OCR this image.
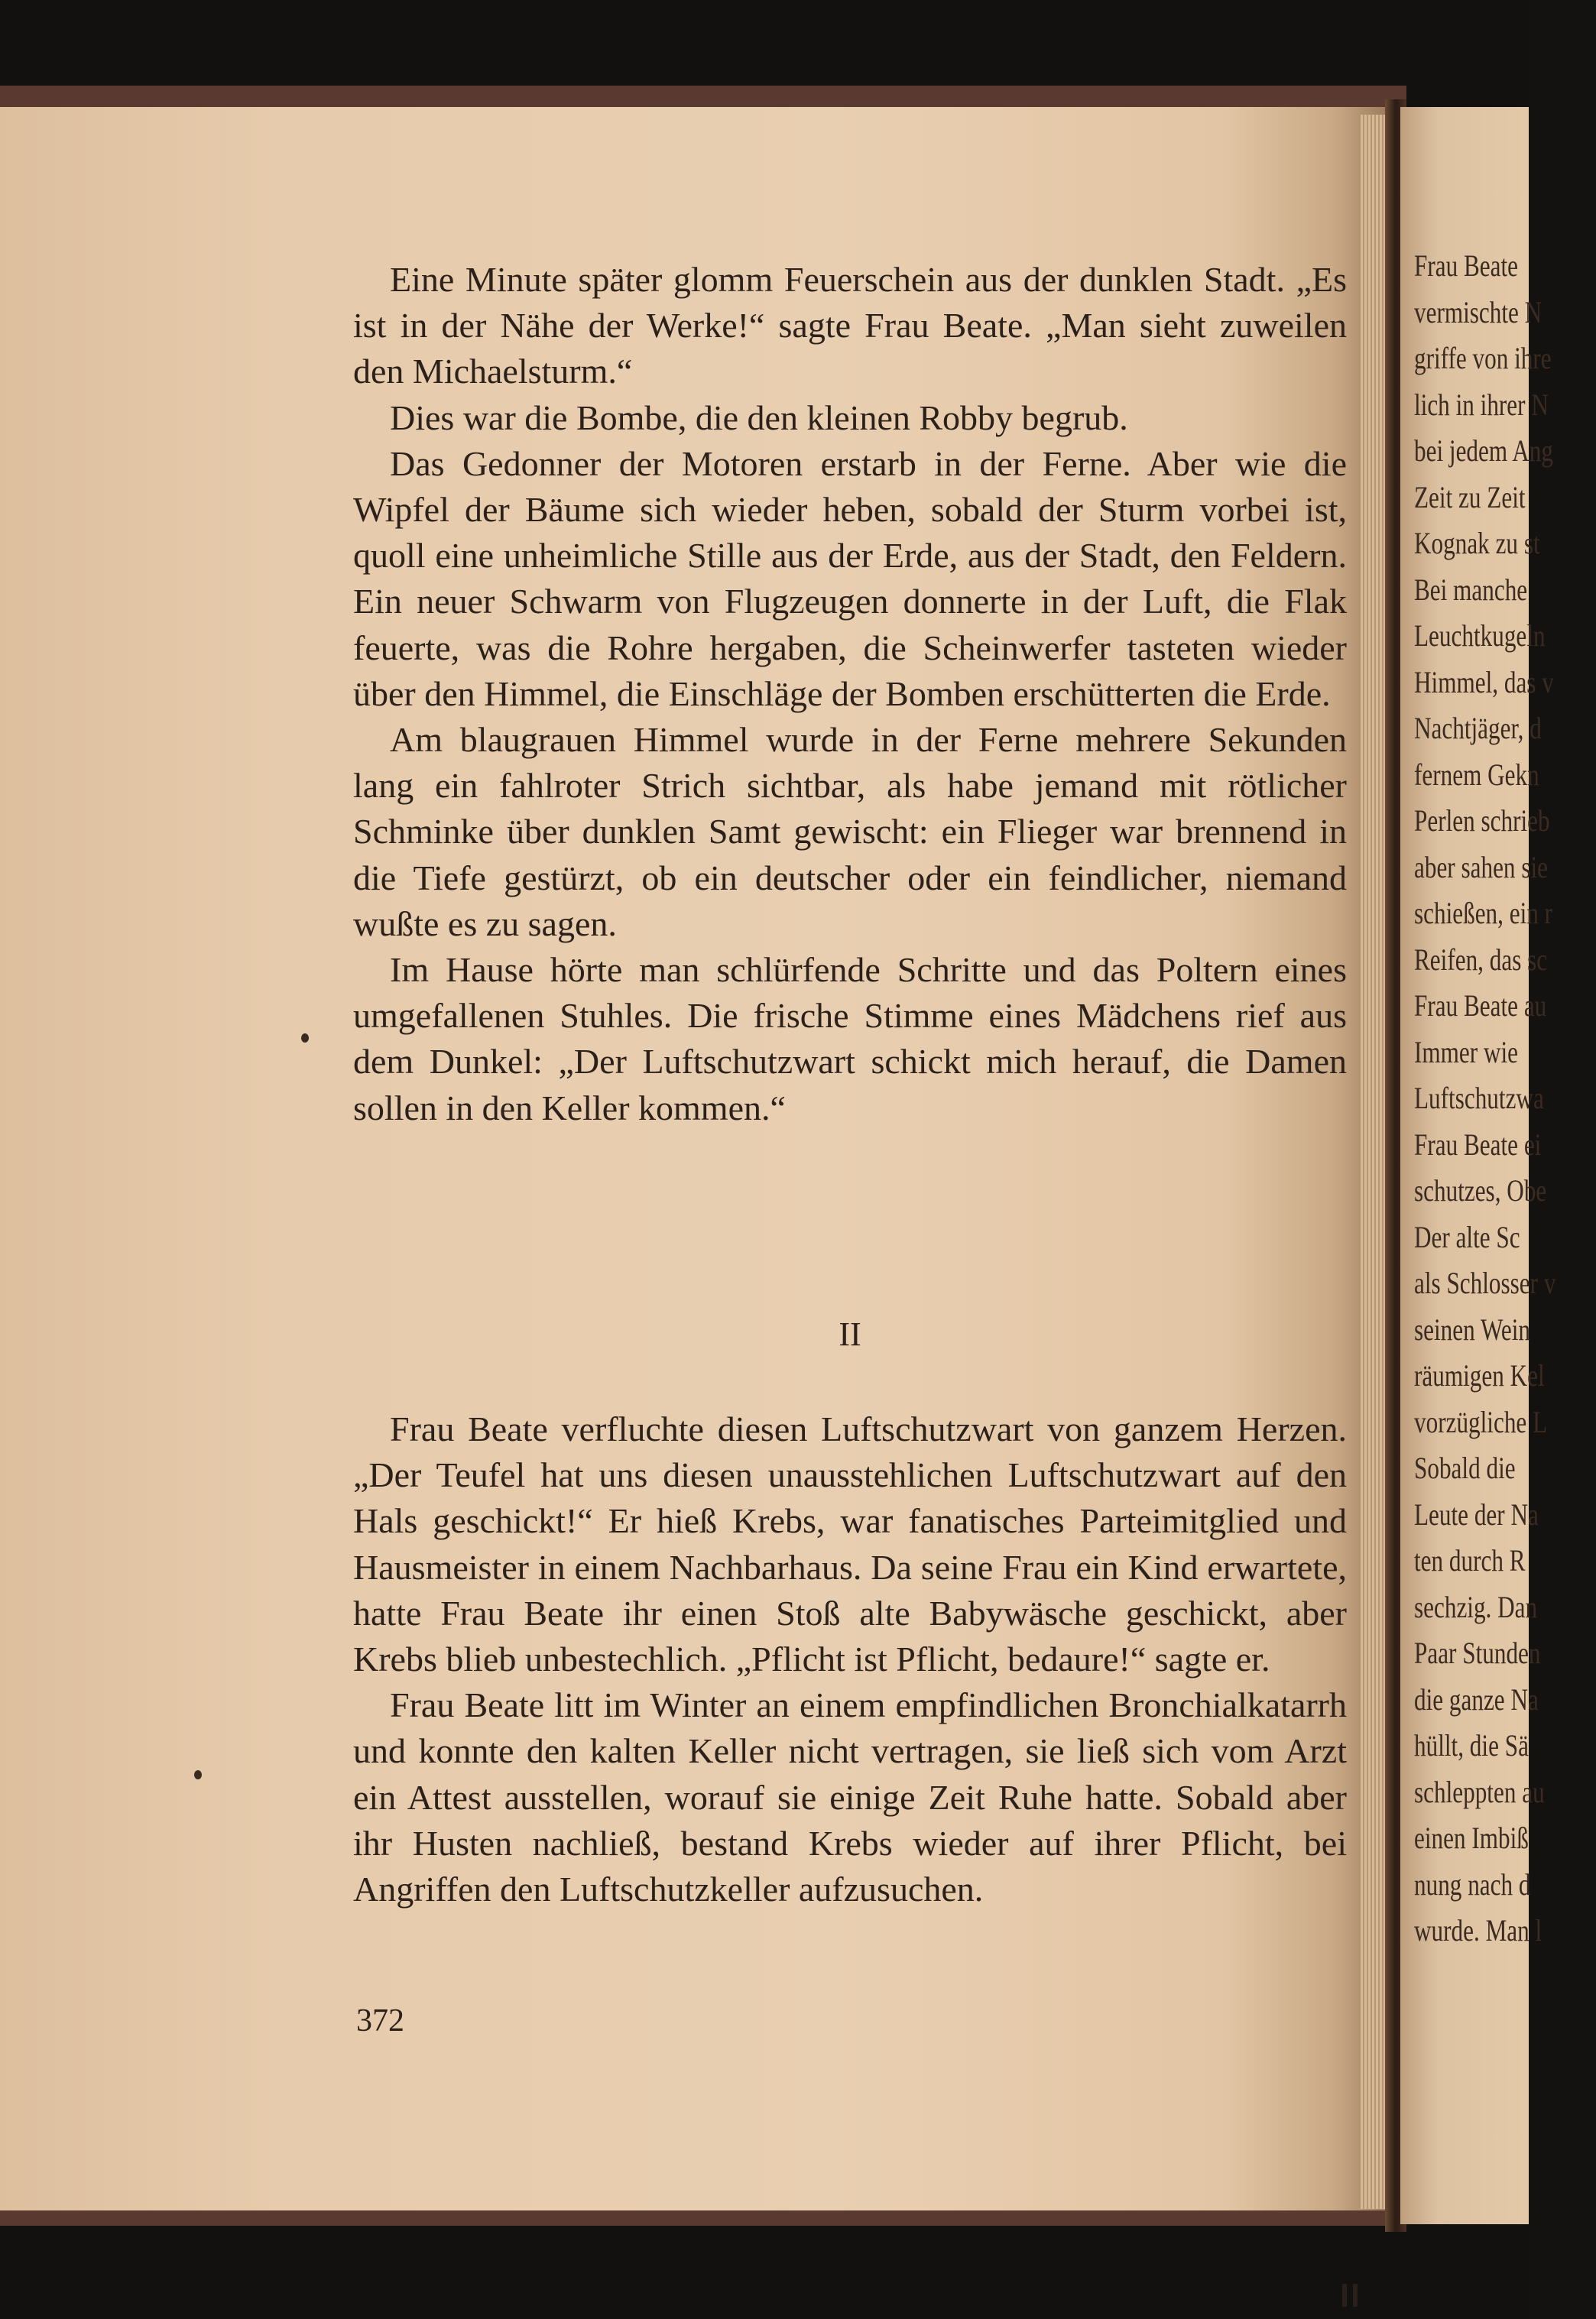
Eine Minute später glomm Feuerschein aus der dunklen Stadt. „Es ist in der Nähe der Werke!“ sagte Frau Beate. „Man sieht zuweilen den Michaelsturm.“

Dies war die Bombe, die den kleinen Robby begrub.

Das Gedonner der Motoren erstarb in der Ferne. Aber wie die Wipfel der Bäume sich wieder heben, sobald der Sturm vorbei ist, quoll eine unheimliche Stille aus der Erde, aus der Stadt, den Feldern. Ein neuer Schwarm von Flugzeugen donnerte in der Luft, die Flak feuerte, was die Rohre hergaben, die Scheinwerfer tasteten wieder über den Himmel, die Einschläge der Bomben erschütterten die Erde.

Am blaugrauen Himmel wurde in der Ferne mehrere Sekunden lang ein fahlroter Strich sichtbar, als habe jemand mit rötlicher Schminke über dunklen Samt gewischt: ein Flieger war brennend in die Tiefe gestürzt, ob ein deutscher oder ein feindlicher, niemand wußte es zu sagen.

Im Hause hörte man schlürfende Schritte und das Poltern eines umgefallenen Stuhles. Die frische Stimme eines Mädchens rief aus dem Dunkel: „Der Luftschutzwart schickt mich herauf, die Damen sollen in den Keller kommen.“

II

Frau Beate verfluchte diesen Luftschutzwart von ganzem Herzen. „Der Teufel hat uns diesen unausstehlichen Luftschutzwart auf den Hals geschickt!“ Er hieß Krebs, war fanatisches Parteimitglied und Hausmeister in einem Nachbarhaus. Da seine Frau ein Kind erwartete, hatte Frau Beate ihr einen Stoß alte Babywäsche geschickt, aber Krebs blieb unbestechlich. „Pflicht ist Pflicht, bedaure!“ sagte er.

Frau Beate litt im Winter an einem empfindlichen Bronchialkatarrh und konnte den kalten Keller nicht vertragen, sie ließ sich vom Arzt ein Attest ausstellen, worauf sie einige Zeit Ruhe hatte. Sobald aber ihr Husten nachließ, bestand Krebs wieder auf ihrer Pflicht, bei Angriffen den Luftschutzkeller aufzusuchen.

372
Frau Beate
vermischte N
griffe von ihre
lich in ihrer N
bei jedem Ang
Zeit zu Zeit
Kognak zu st
Bei manche
Leuchtkugeln
Himmel, das v
Nachtjäger, d
fernem Gekn
Perlen schrieb
aber sahen sie
schießen, ein r
Reifen, das sc
Frau Beate au
Immer wie
Luftschutzwa
Frau Beate ei
schutzes, Obe
Der alte Sc
als Schlosser v
seinen Wein
räumigen Kel
vorzügliche L
Sobald die
Leute der Na
ten durch R
sechzig. Dan
Paar Stunden
die ganze Na
hüllt, die Sä
schleppten au
einen Imbiß
nung nach d
wurde. Man l
